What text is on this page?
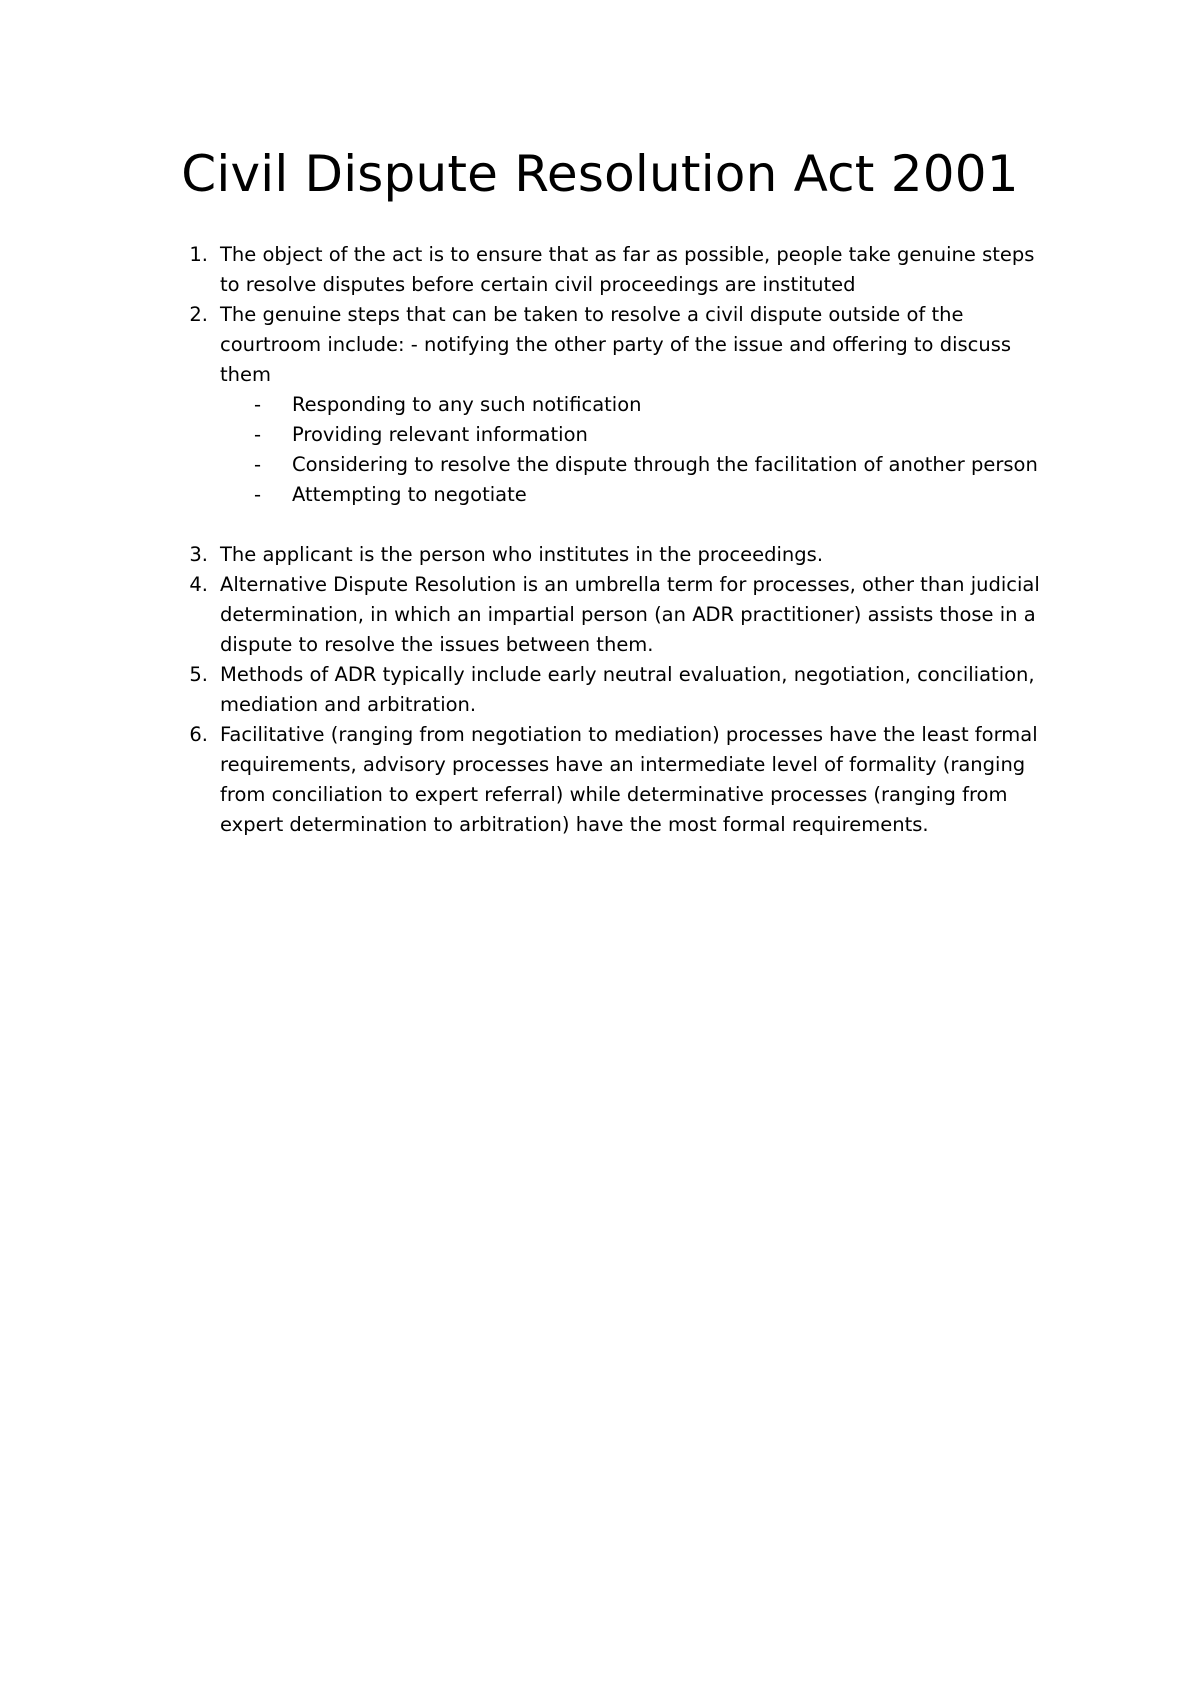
Civil Dispute Resolution Act 2001
1. The object of the act is to ensure that as far as possible, people take genuine steps to resolve disputes before certain civil proceedings are instituted
2. The genuine steps that can be taken to resolve a civil dispute outside of the courtroom include: - notifying the other party of the issue and offering to discuss them
- Responding to any such notification
- Providing relevant information
- Considering to resolve the dispute through the facilitation of another person
- Attempting to negotiate
3. The applicant is the person who institutes in the proceedings.
4. Alternative Dispute Resolution is an umbrella term for processes, other than judicial determination, in which an impartial person (an ADR practitioner) assists those in a dispute to resolve the issues between them.
5. Methods of ADR typically include early neutral evaluation, negotiation, conciliation, mediation and arbitration.
6. Facilitative (ranging from negotiation to mediation) processes have the least formal requirements, advisory processes have an intermediate level of formality (ranging from conciliation to expert referral) while determinative processes (ranging from expert determination to arbitration) have the most formal requirements.
